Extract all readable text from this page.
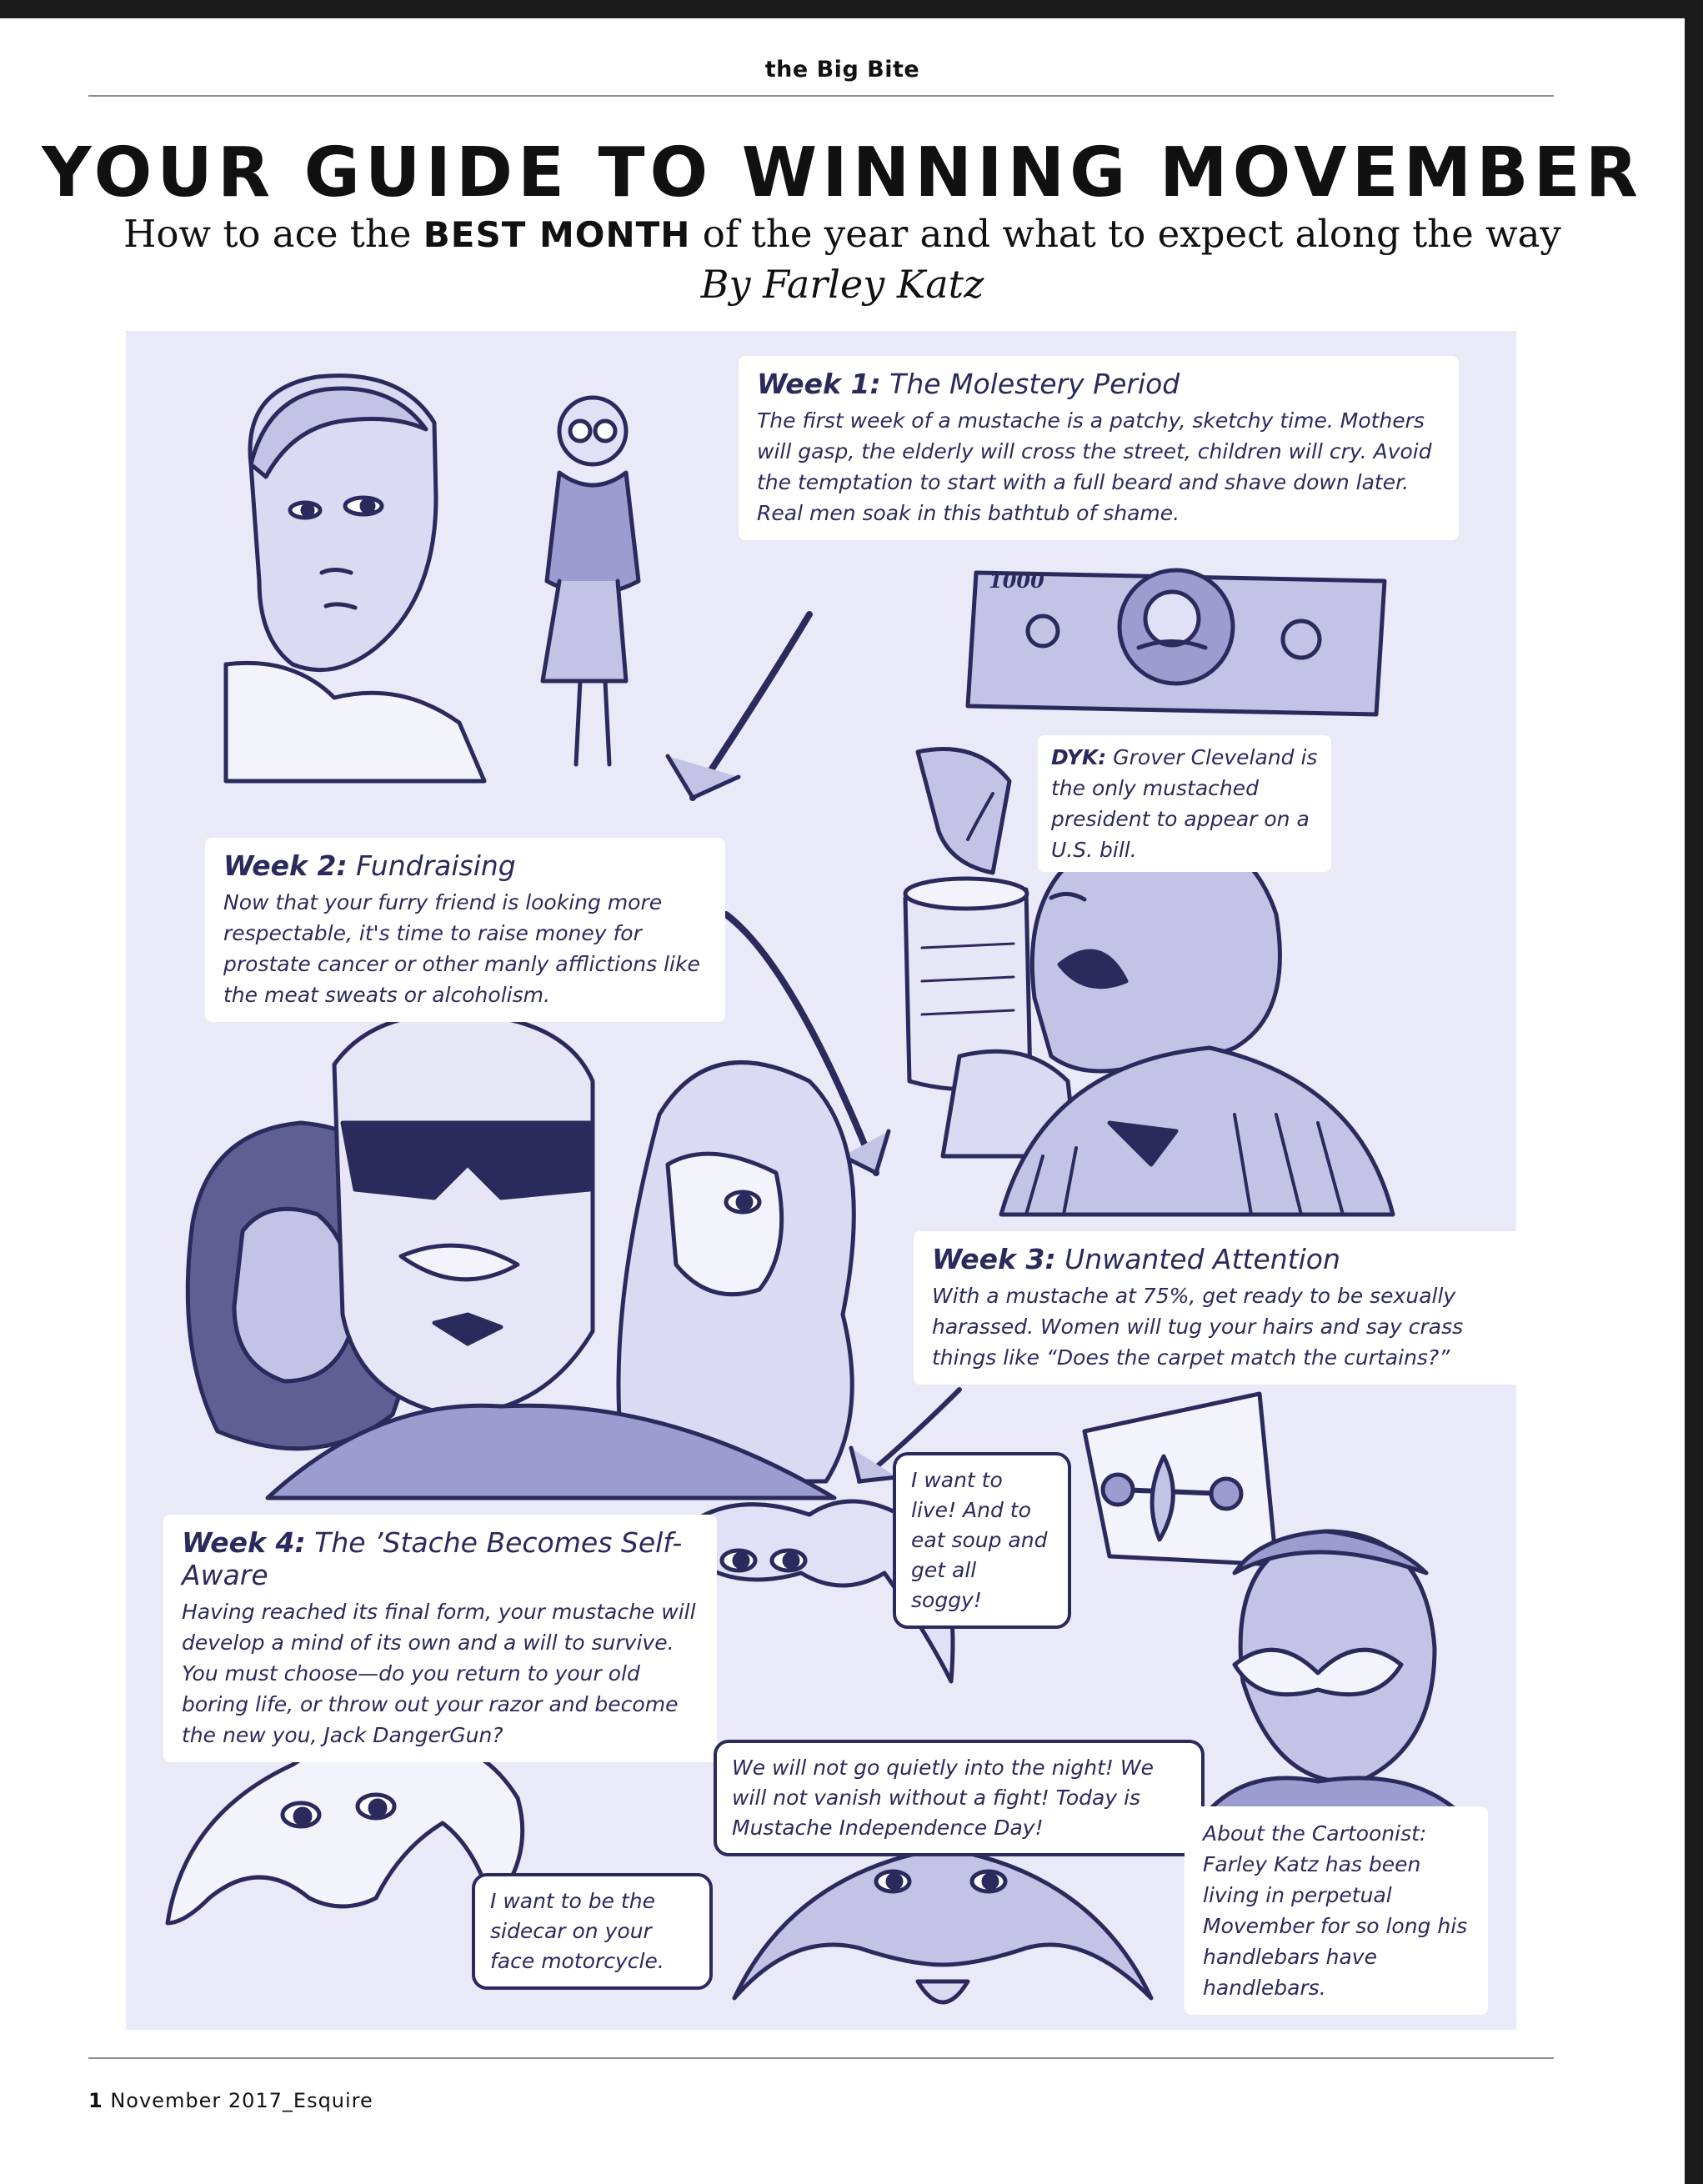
the Big Bite
YOUR GUIDE TO WINNING MOVEMBER
How to ace the BEST MONTH of the year and what to expect along the way
By Farley Katz
Week 1: The Molestery Period
The first week of a mustache is a patchy, sketchy time. Mothers will gasp, the elderly will cross the street, children will cry. Avoid the temptation to start with a full beard and shave down later. Real men soak in this bathtub of shame.
DYK: Grover Cleveland is the only mustached president to appear on a U.S. bill.
1000
Week 2: Fundraising
Now that your furry friend is looking more respectable, it's time to raise money for prostate cancer or other manly afflictions like the meat sweats or alcoholism.
Week 3: Unwanted Attention
With a mustache at 75%, get ready to be sexually harassed. Women will tug your hairs and say crass things like “Does the carpet match the curtains?”
I want to live! And to eat soup and get all soggy!
Week 4: The ’Stache Becomes Self-Aware
Having reached its final form, your mustache will develop a mind of its own and a will to survive. You must choose—do you return to your old boring life, or throw out your razor and become the new you, Jack DangerGun?
We will not go quietly into the night! We will not vanish without a fight! Today is Mustache Independence Day!
I want to be the sidecar on your face motorcycle.
About the Cartoonist: Farley Katz has been living in perpetual Movember for so long his handlebars have handlebars.
1 November 2017_Esquire
